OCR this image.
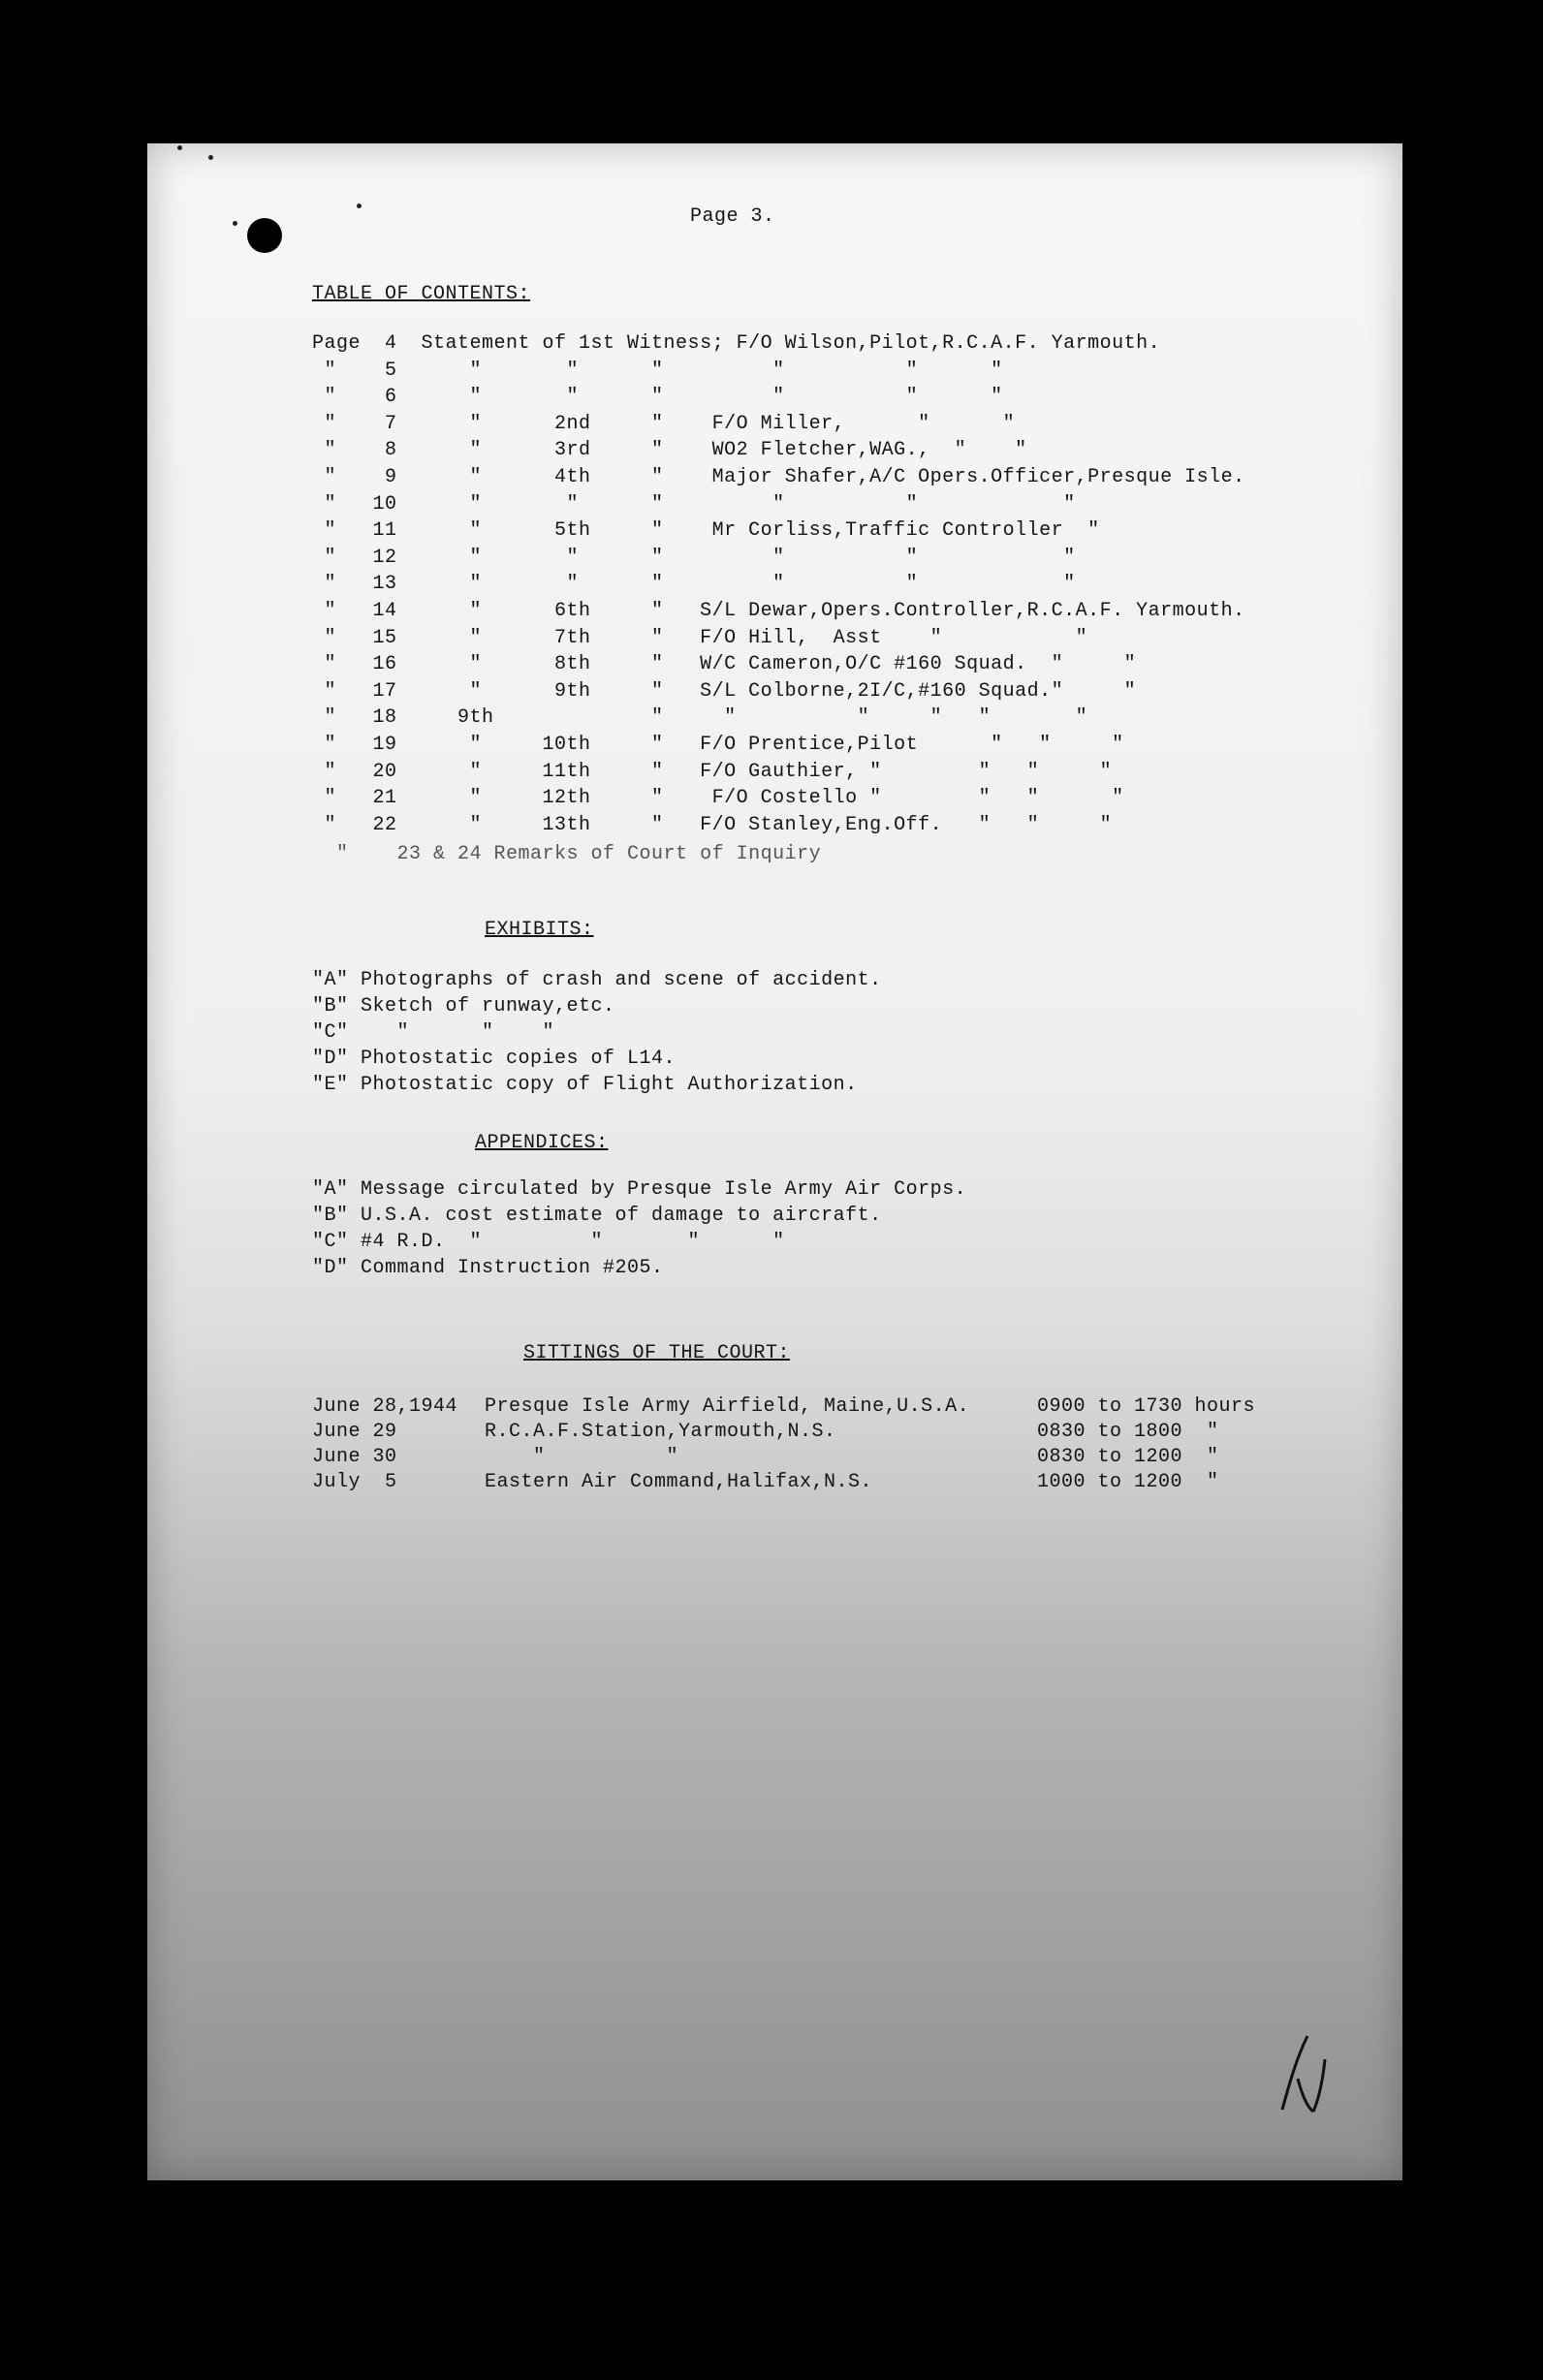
Page 3.
TABLE OF CONTENTS:
Page  4  Statement of 1st Witness; F/O Wilson,Pilot,R.C.A.F. Yarmouth.
"    5      "       "      "         "          "      "
"    6      "       "      "         "          "      "
"    7      "      2nd     "    F/O Miller,      "      "
"    8      "      3rd     "    WO2 Fletcher,WAG.,  "    "
"    9      "      4th     "    Major Shafer,A/C Opers.Officer,Presque Isle.
"   10      "       "      "         "          "            "
"   11      "      5th     "    Mr Corliss,Traffic Controller  "
"   12      "       "      "         "          "            "
"   13      "       "      "         "          "            "
"   14      "      6th     "   S/L Dewar,Opers.Controller,R.C.A.F. Yarmouth.
"   15      "      7th     "   F/O Hill,  Asst    "           "
"   16      "      8th     "   W/C Cameron,O/C #160 Squad.  "     "
"   17      "      9th     "   S/L Colborne,2I/C,#160 Squad."     "
"   18     9th             "     "          "     "   "       "
"   19      "     10th     "   F/O Prentice,Pilot      "   "     "
"   20      "     11th     "   F/O Gauthier, "        "   "     "
"   21      "     12th     "    F/O Costello "        "   "      "
"   22      "     13th     "   F/O Stanley,Eng.Off.   "   "     "
"    23 & 24 Remarks of Court of Inquiry
EXHIBITS:
"A" Photographs of crash and scene of accident.
"B" Sketch of runway,etc.
"C"    "      "    "
"D" Photostatic copies of L14.
"E" Photostatic copy of Flight Authorization.
APPENDICES:
"A" Message circulated by Presque Isle Army Air Corps.
"B" U.S.A. cost estimate of damage to aircraft.
"C" #4 R.D.  "         "       "      "
"D" Command Instruction #205.
SITTINGS OF THE COURT:
June 28,1944 Presque Isle Army Airfield, Maine,U.S.A.	0900 to 1730 hours
June 29	R.C.A.F.Station,Yarmouth,N.S.	0830 to 1800  "
June 30	"          "	0830 to 1200  "
July  5	Eastern Air Command,Halifax,N.S.	1000 to 1200  "
